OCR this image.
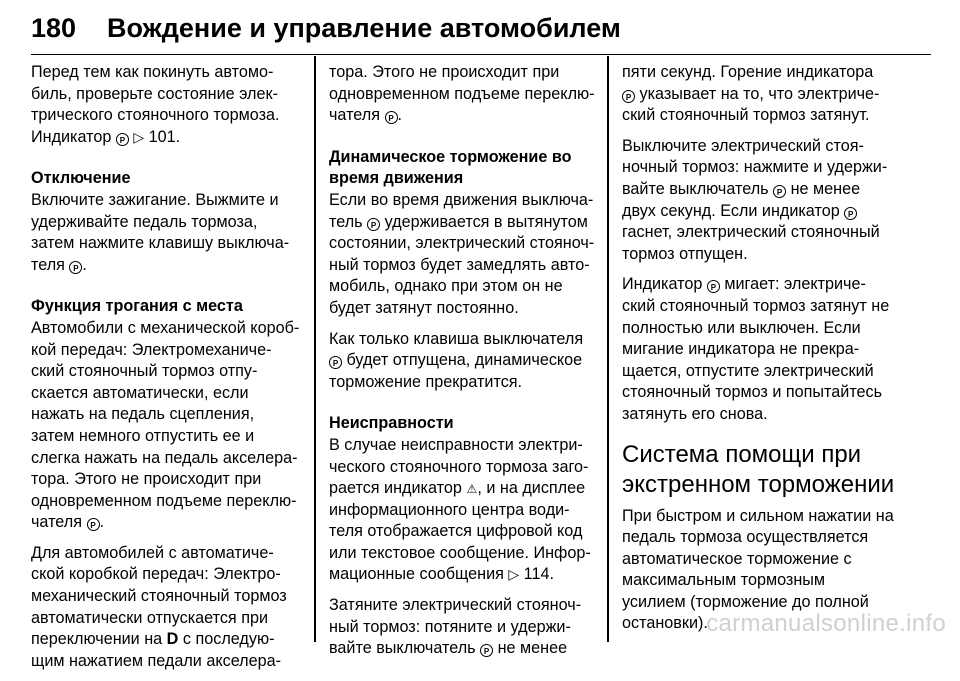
180	Вождение и управление автомобилем

Перед тем как покинуть автомо-
биль, проверьте состояние элек-
трического стояночного тормоза.
Индикатор P ▷ 101.

Отключение

Включите зажигание. Выжмите и
удерживайте педаль тормоза,
затем нажмите клавишу выключа-
теля P .

Функция трогания с места

Автомобили с механической короб-
кой передач: Электромеханиче-
ский стояночный тормоз отпу-
скается автоматически, если
нажать на педаль сцепления,
затем немного отпустить ее и
слегка нажать на педаль акселера-
тора. Этого не происходит при
одновременном подъеме переклю-
чателя P .

Для автомобилей с автоматиче-
ской коробкой передач: Электро-
механический стояночный тормоз
автоматически отпускается при
переключении на D с последую-
щим нажатием педали акселера-

тора. Этого не происходит при
одновременном подъеме переклю-
чателя P .

Динамическое торможение во
время движения

Если во время движения выключа-
тель P удерживается в вытянутом
состоянии, электрический стояноч-
ный тормоз будет замедлять авто-
мобиль, однако при этом он не
будет затянут постоянно.

Как только клавиша выключателя
P будет отпущена, динамическое
торможение прекратится.

Неисправности

В случае неисправности электри-
ческого стояночного тормоза заго-
рается индикатор ⚠, и на дисплее
информационного центра води-
теля отображается цифровой код
или текстовое сообщение. Инфор-
мационные сообщения ▷ 114.

Затяните электрический стояноч-
ный тормоз: потяните и удержи-
вайте выключатель P не менее

пяти секунд. Горение индикатора
P указывает на то, что электриче-
ский стояночный тормоз затянут.

Выключите электрический стоя-
ночный тормоз: нажмите и удержи-
вайте выключатель P не менее
двух секунд. Если индикатор P
гаснет, электрический стояночный
тормоз отпущен.

Индикатор P мигает: электриче-
ский стояночный тормоз затянут не
полностью или выключен. Если
мигание индикатора не прекра-
щается, отпустите электрический
стояночный тормоз и попытайтесь
затянуть его снова.

Система помощи при
экстренном торможении

При быстром и сильном нажатии на
педаль тормоза осуществляется
автоматическое торможение с
максимальным тормозным
усилием (торможение до полной
остановки).

carmanualsonline.info
